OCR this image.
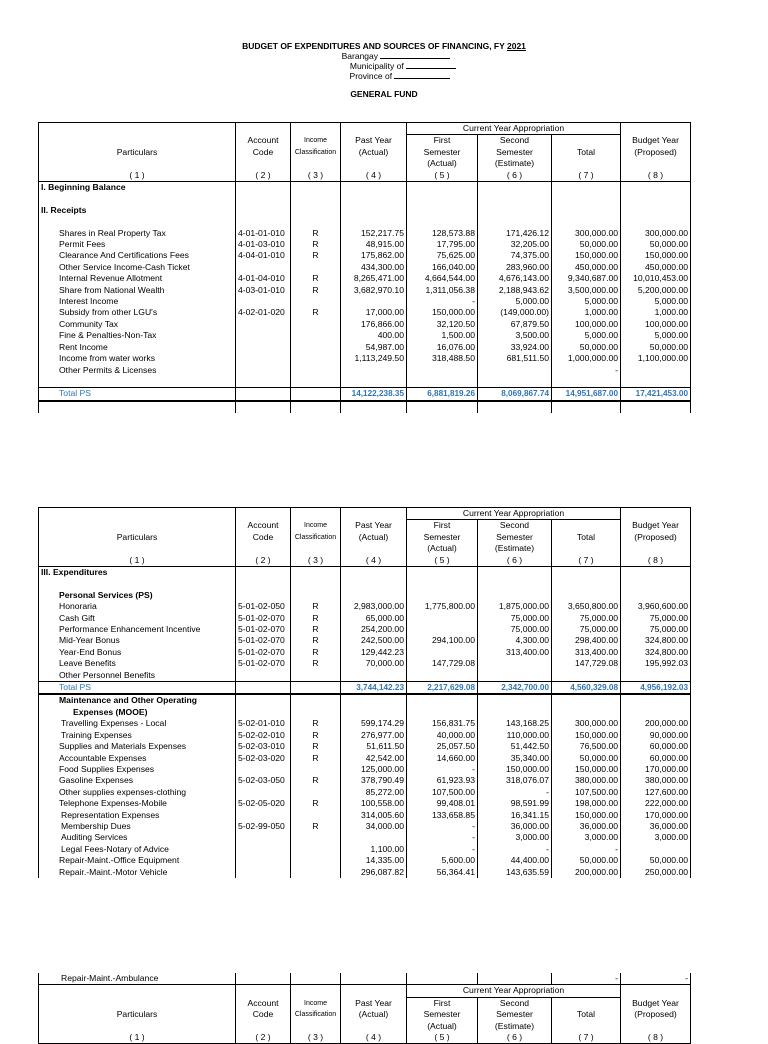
BUDGET OF EXPENDITURES AND SOURCES OF FINANCING, FY 2021
Barangay
Municipality of
Province of
GENERAL FUND
				Current Year Appropriation			
	Account	Income	Past Year	First	Second		Budget Year
Particulars	Code	Classification	(Actual)	Semester	Semester	Total	(Proposed)
				(Actual)	(Estimate)		
( 1 )	( 2 )	( 3 )	( 4 )	( 5 )	( 6 )	( 7 )	( 8 )
I. Beginning Balance							

II. Receipts							

Shares in Real Property Tax	4-01-01-010	R	152,217.75	128,573.88	171,426.12	300,000.00	300,000.00
Permit Fees	4-01-03-010	R	48,915.00	17,795.00	32,205.00	50,000.00	50,000.00
Clearance And Certifications Fees	4-04-01-010	R	175,862.00	75,625.00	74,375.00	150,000.00	150,000.00
Other Service Income-Cash Ticket			434,300.00	166,040.00	283,960.00	450,000.00	450,000.00
Internal Revenue Allotment	4-01-04-010	R	8,265,471.00	4,664,544.00	4,676,143.00	9,340,687.00	10,010,453.00
Share from National Wealth	4-03-01-010	R	3,682,970.10	1,311,056.38	2,188,943.62	3,500,000.00	5,200,000.00
Interest Income				-	5,000.00	5,000.00	5,000.00
Subsidy from other LGU's	4-02-01-020	R	17,000.00	150,000.00	(149,000.00)	1,000.00	1,000.00
Community Tax			176,866.00	32,120.50	67,879.50	100,000.00	100,000.00
Fine & Penalties-Non-Tax			400.00	1,500.00	3,500.00	5,000.00	5,000.00
Rent Income			54,987.00	16,076.00	33,924.00	50,000.00	50,000.00
Income from water works			1,113,249.50	318,488.50	681,511.50	1,000,000.00	1,100,000.00
Other Permits & Licenses						-	

Total PS			14,122,238.35	6,881,819.26	8,069,867.74	14,951,687.00	17,421,453.00

				Current Year Appropriation			
	Account	Income	Past Year	First	Second		Budget Year
Particulars	Code	Classification	(Actual)	Semester	Semester	Total	(Proposed)
				(Actual)	(Estimate)		
( 1 )	( 2 )	( 3 )	( 4 )	( 5 )	( 6 )	( 7 )	( 8 )
III. Expenditures							

Personal Services (PS)							
Honoraria	5-01-02-050	R	2,983,000.00	1,775,800.00	1,875,000.00	3,650,800.00	3,960,600.00
Cash Gift	5-01-02-070	R	65,000.00		75,000.00	75,000.00	75,000.00
Performance Enhancement Incentive	5-01-02-070	R	254,200.00		75,000.00	75,000.00	75,000.00
Mid-Year Bonus	5-01-02-070	R	242,500.00	294,100.00	4,300.00	298,400.00	324,800.00
Year-End Bonus	5-01-02-070	R	129,442.23		313,400.00	313,400.00	324,800.00
Leave Benefits	5-01-02-070	R	70,000.00	147,729.08		147,729.08	195,992.03
Other Personnel Benefits							
Total PS			3,744,142.23	2,217,629.08	2,342,700.00	4,560,329.08	4,956,192.03
Maintenance and Other Operating							
Expenses (MOOE)							
Travelling Expenses - Local	5-02-01-010	R	599,174.29	156,831.75	143,168.25	300,000.00	200,000.00
Training Expenses	5-02-02-010	R	276,977.00	40,000.00	110,000.00	150,000.00	90,000.00
Supplies and Materials Expenses	5-02-03-010	R	51,611.50	25,057.50	51,442.50	76,500.00	60,000.00
Accountable Expenses	5-02-03-020	R	42,542.00	14,660.00	35,340.00	50,000.00	60,000.00
Food Supplies Expenses			125,000.00	-	150,000.00	150,000.00	170,000.00
Gasoline Expenses	5-02-03-050	R	378,790.49	61,923.93	318,076.07	380,000.00	380,000.00
Other supplies expenses-clothing			85,272.00	107,500.00	-	107,500.00	127,600.00
Telephone Expenses-Mobile	5-02-05-020	R	100,558.00	99,408.01	98,591.99	198,000.00	222,000.00
Representation Expenses			314,005.60	133,658.85	16,341.15	150,000.00	170,000.00
Membership Dues	5-02-99-050	R	34,000.00	-	36,000.00	36,000.00	36,000.00
Auditing Services				-	3,000.00	3,000.00	3,000.00
Legal Fees-Notary of Advice			1,100.00	-	-	-	
Repair-Maint.-Office Equipment			14,335.00	5,600.00	44,400.00	50,000.00	50,000.00
Repair.-Maint.-Motor Vehicle			296,087.82	56,364.41	143,635.59	200,000.00	250,000.00
Repair-Maint.-Ambulance						-	-
				Current Year Appropriation			
	Account	Income	Past Year	First	Second		Budget Year
Particulars	Code	Classification	(Actual)	Semester	Semester	Total	(Proposed)
				(Actual)	(Estimate)		
( 1 )	( 2 )	( 3 )	( 4 )	( 5 )	( 6 )	( 7 )	( 8 )
